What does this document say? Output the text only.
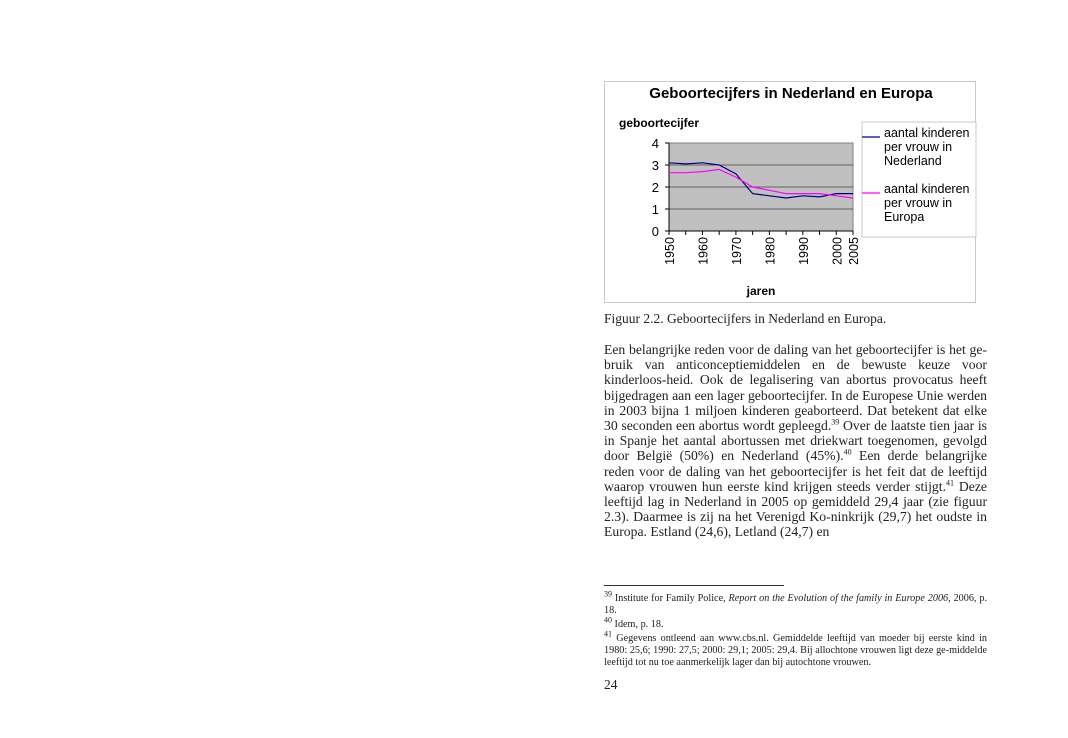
Geboortecijfers in Nederland en Europa
geboortecijfer
0
1
2
3
4
1950 1960 1970 1980 1990 2000 2005
jaren
aantal kinderen
per vrouw in
Nederland
aantal kinderen
per vrouw in
Europa
Figuur 2.2. Geboortecijfers in Nederland en Europa.

Een belangrijke reden voor de daling van het geboortecijfer is het ge-bruik van anticonceptiemiddelen en de bewuste keuze voor kinderloos-heid. Ook de legalisering van abortus provocatus heeft bijgedragen aan een lager geboortecijfer. In de Europese Unie werden in 2003 bijna 1 miljoen kinderen geaborteerd. Dat betekent dat elke 30 seconden een abortus wordt gepleegd.$^{39}$ Over de laatste tien jaar is in Spanje het aantal abortussen met driekwart toegenomen, gevolgd door België (50%) en Nederland (45%).$^{40}$ Een derde belangrijke reden voor de daling van het geboortecijfer is het feit dat de leeftijd waarop vrouwen hun eerste kind krijgen steeds verder stijgt.$^{41}$ Deze leeftijd lag in Nederland in 2005 op gemiddeld 29,4 jaar (zie figuur 2.3). Daarmee is zij na het Verenigd Ko-ninkrijk (29,7) het oudste in Europa. Estland (24,6), Letland (24,7) en

$^{39}$ Institute for Family Police, Report on the Evolution of the family in Europe 2006, 2006, p. 18.

$^{40}$ Idem, p. 18.

$^{41}$ Gegevens ontleend aan www.cbs.nl. Gemiddelde leeftijd van moeder bij eerste kind in 1980: 25,6; 1990: 27,5; 2000: 29,1; 2005: 29,4. Bij allochtone vrouwen ligt deze ge-middelde leeftijd tot nu toe aanmerkelijk lager dan bij autochtone vrouwen.

24
